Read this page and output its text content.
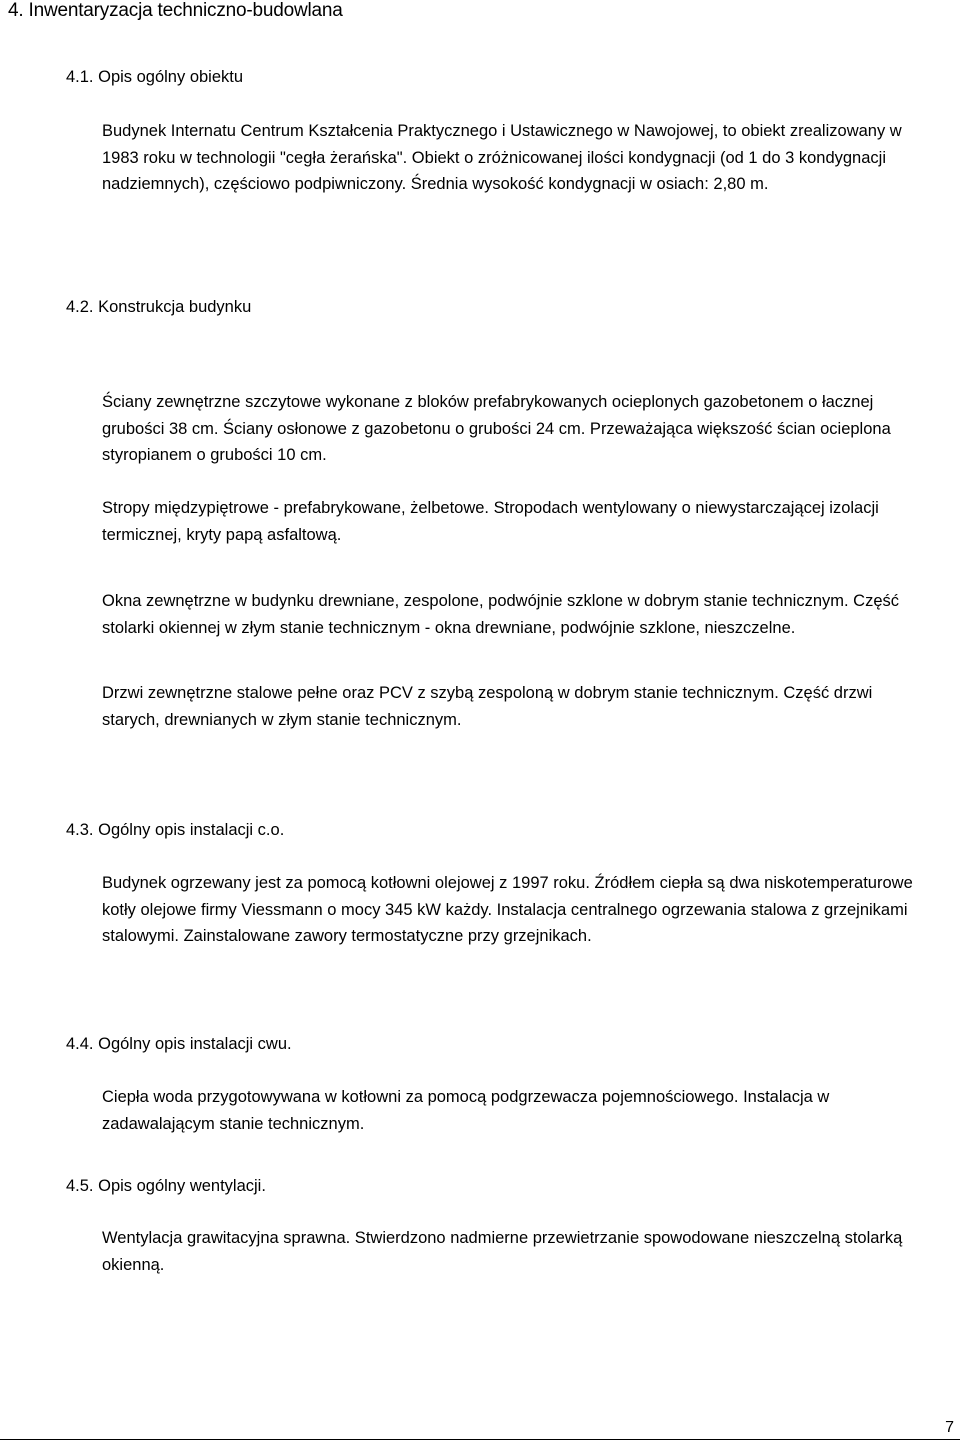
4. Inwentaryzacja techniczno-budowlana
4.1. Opis ogólny obiektu

Budynek Internatu Centrum Kształcenia Praktycznego i Ustawicznego w Nawojowej, to obiekt zrealizowany w 1983 roku w technologii "cegła żerańska". Obiekt o zróżnicowanej ilości kondygnacji (od 1 do 3 kondygnacji nadziemnych), częściowo podpiwniczony. Średnia wysokość kondygnacji w osiach: 2,80 m.

4.2. Konstrukcja budynku

Ściany zewnętrzne szczytowe wykonane z bloków prefabrykowanych ocieplonych gazobetonem o łacznej grubości 38 cm. Ściany osłonowe z gazobetonu o grubości 24 cm. Przeważająca większość ścian ocieplona styropianem o grubości 10 cm.

Stropy międzypiętrowe - prefabrykowane, żelbetowe. Stropodach wentylowany o niewystarczającej izolacji termicznej, kryty papą asfaltową.

Okna zewnętrzne w budynku drewniane, zespolone, podwójnie szklone w dobrym stanie technicznym. Część stolarki okiennej w złym stanie technicznym - okna drewniane, podwójnie szklone, nieszczelne.

Drzwi zewnętrzne stalowe pełne oraz PCV z szybą zespoloną w dobrym stanie technicznym. Część drzwi starych, drewnianych w złym stanie technicznym.

4.3. Ogólny opis instalacji c.o.

Budynek ogrzewany jest za pomocą kotłowni olejowej z 1997 roku. Źródłem ciepła są dwa niskotemperaturowe kotły olejowe firmy Viessmann o mocy 345 kW każdy. Instalacja centralnego ogrzewania stalowa z grzejnikami stalowymi. Zainstalowane zawory termostatyczne przy grzejnikach.

4.4. Ogólny opis instalacji cwu.

Ciepła woda przygotowywana w kotłowni za pomocą podgrzewacza pojemnościowego. Instalacja w zadawalającym stanie technicznym.

4.5. Opis ogólny wentylacji.

Wentylacja grawitacyjna sprawna. Stwierdzono nadmierne przewietrzanie spowodowane nieszczelną stolarką okienną.

7
